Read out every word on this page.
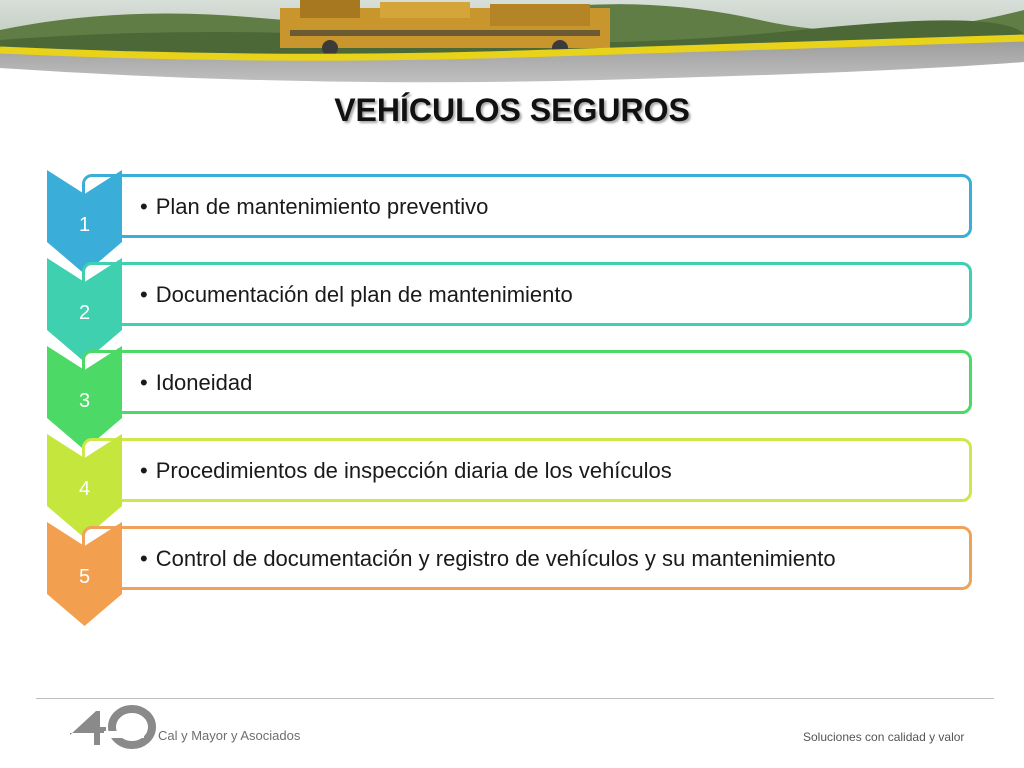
VEHÍCULOS SEGUROS
• Plan de mantenimiento preventivo
1
• Documentación del plan de mantenimiento
2
• Idoneidad
3
• Procedimientos de inspección diaria de los vehículos
4
• Control de documentación y registro de vehículos y su mantenimiento
5
Cal y Mayor y Asociados	Soluciones con calidad y valor
